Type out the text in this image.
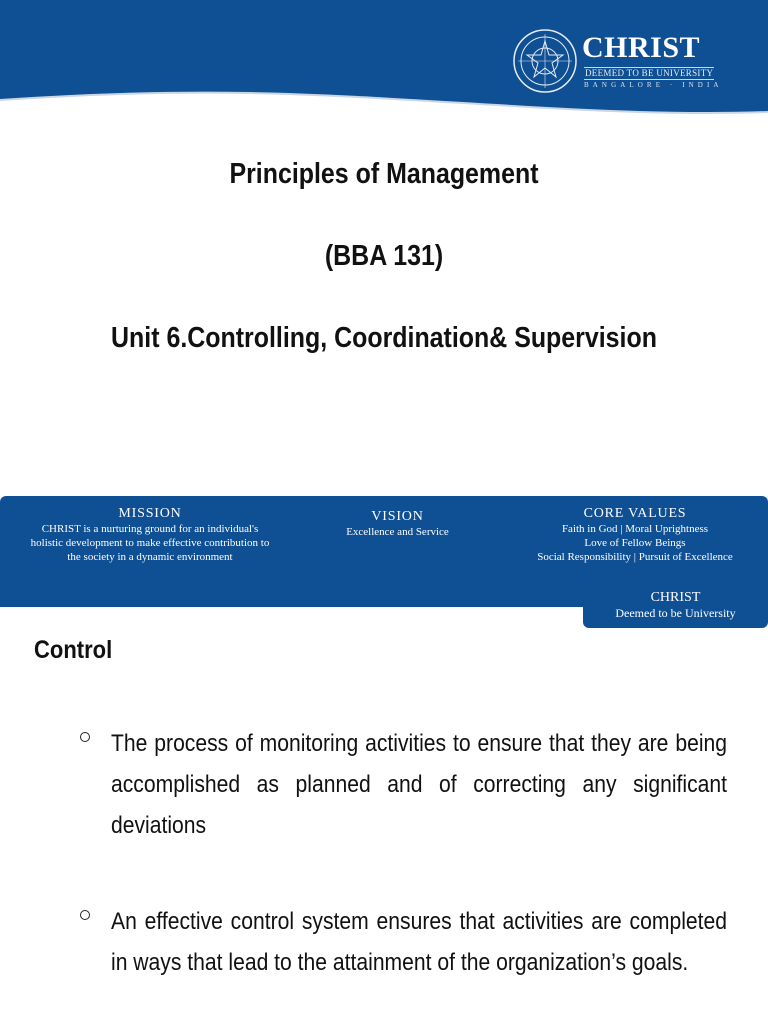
CHRIST
DEEMED TO BE UNIVERSITY
BANGALORE · INDIA
Principles of Management
(BBA 131)
Unit 6.Controlling, Coordination& Supervision
MISSION
CHRIST is a nurturing ground for an individual's
holistic development to make effective contribution to
the society in a dynamic environment
VISION
Excellence and Service
CORE VALUES
Faith in God | Moral Uprightness
Love of Fellow Beings
Social Responsibility | Pursuit of Excellence
CHRIST
Deemed to be University
Control
The process of monitoring activities to ensure that they are being accomplished as planned and of correcting any significant deviations
An effective control system ensures that activities are completed in ways that lead to the attainment of the organization’s goals.
